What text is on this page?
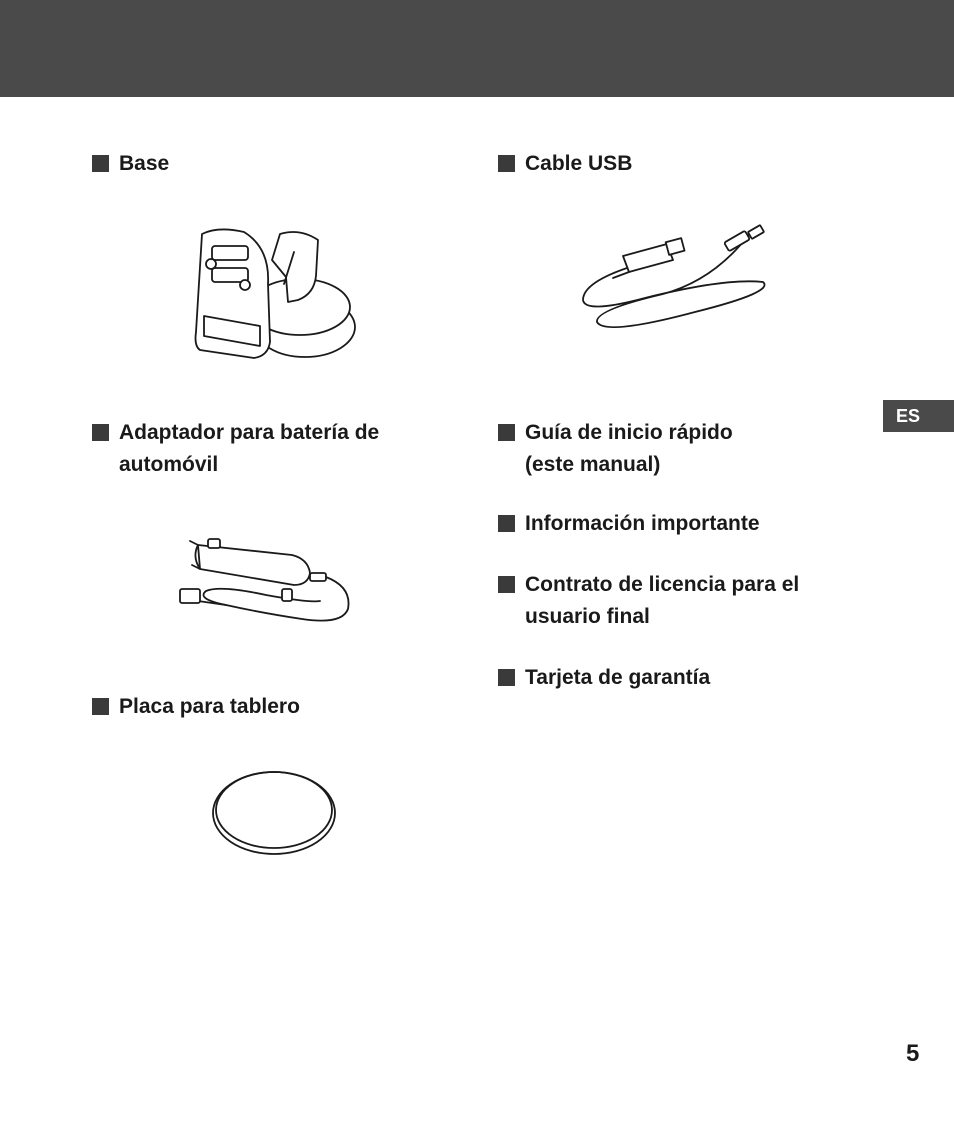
ES
Base
Adaptador para batería de
automóvil
Placa para tablero
Cable USB
Guía de inicio rápido
(este manual)
Información importante
Contrato de licencia para el
usuario final
Tarjeta de garantía
5
